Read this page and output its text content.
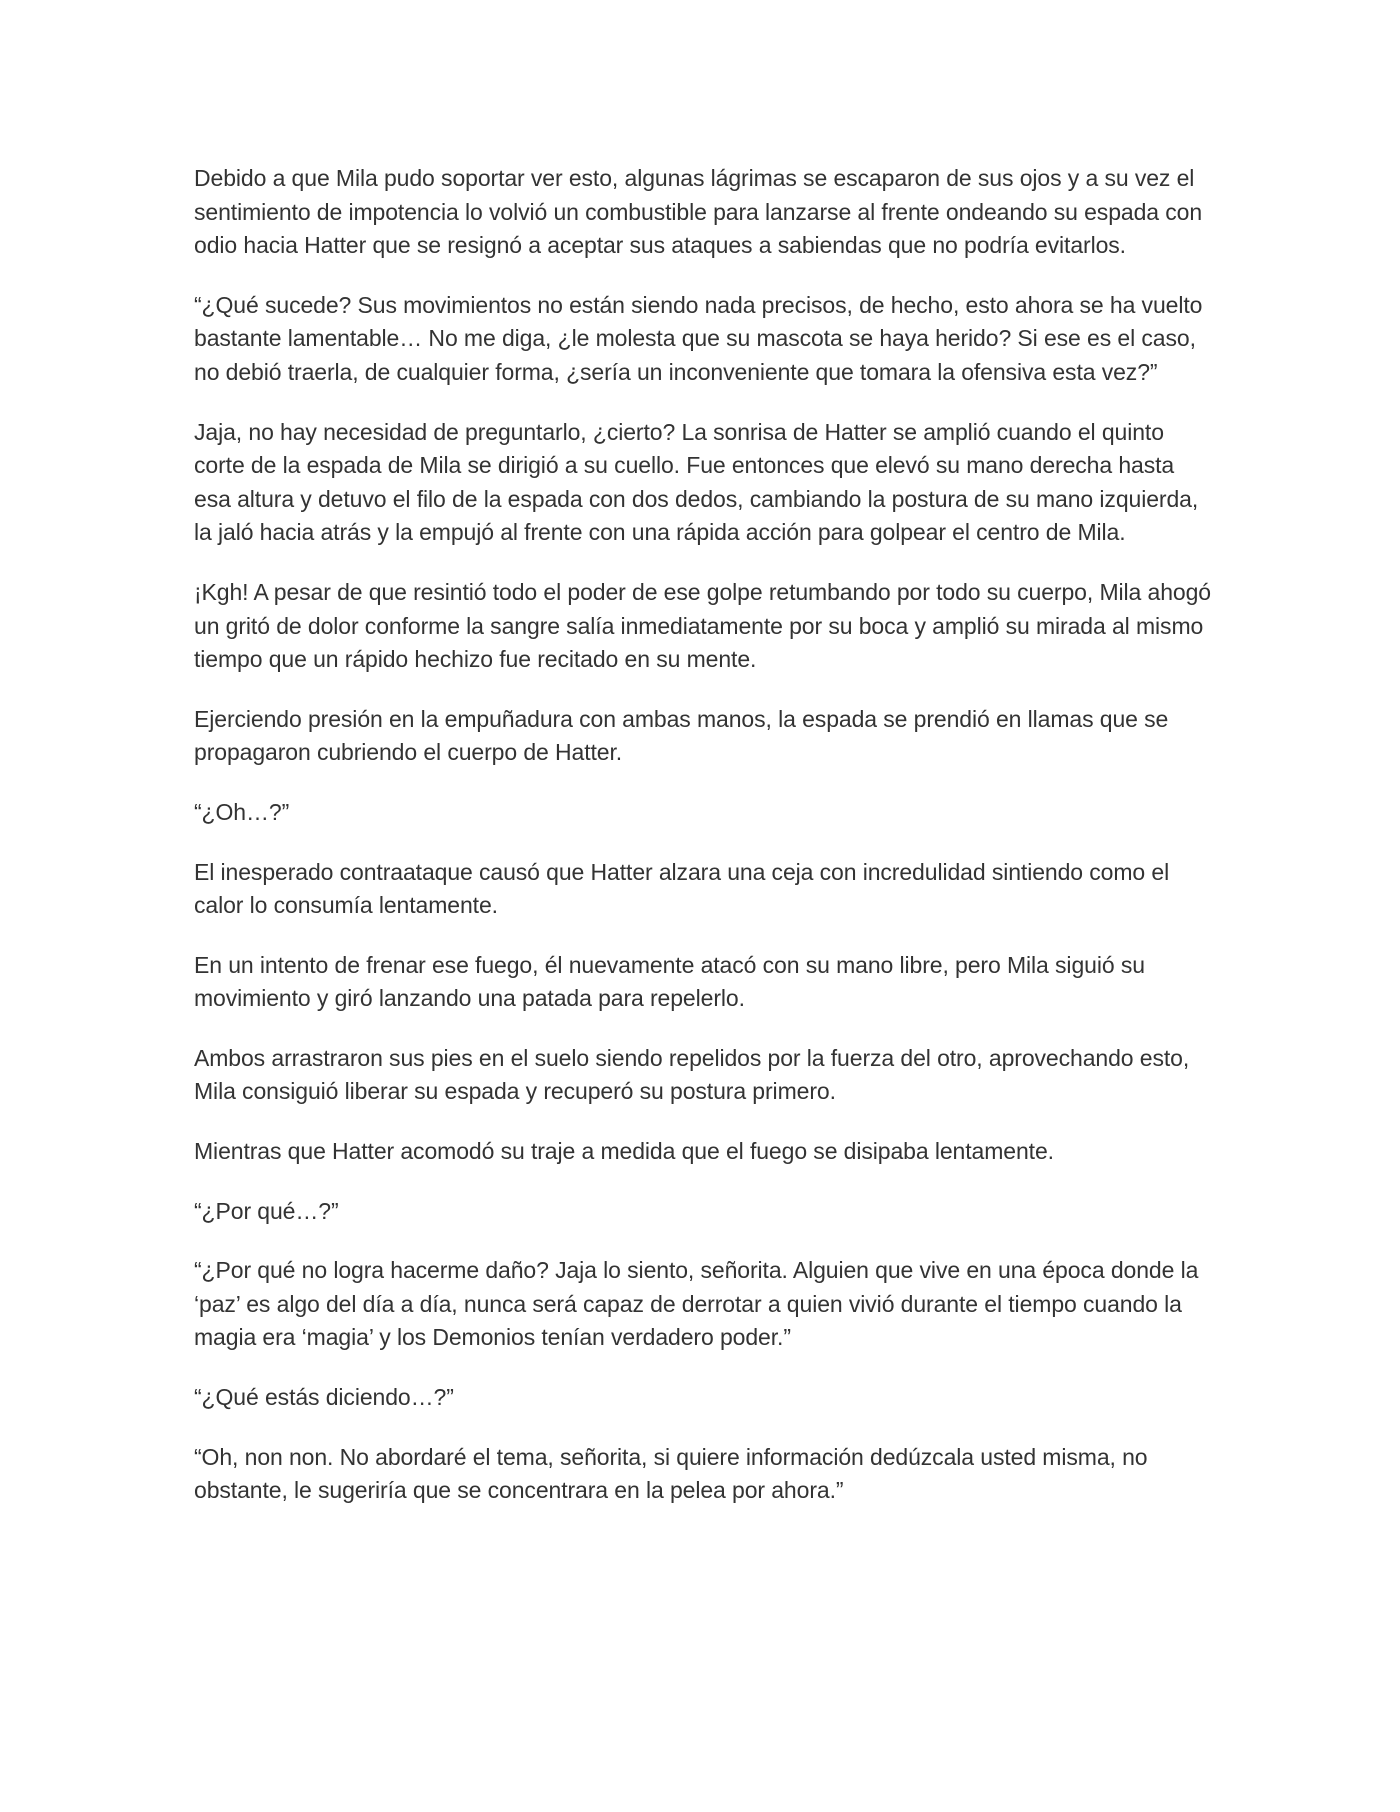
Debido a que Mila pudo soportar ver esto, algunas lágrimas se escaparon de sus ojos y a su vez el sentimiento de impotencia lo volvió un combustible para lanzarse al frente ondeando su espada con odio hacia Hatter que se resignó a aceptar sus ataques a sabiendas que no podría evitarlos.

“¿Qué sucede? Sus movimientos no están siendo nada precisos, de hecho, esto ahora se ha vuelto bastante lamentable… No me diga, ¿le molesta que su mascota se haya herido? Si ese es el caso, no debió traerla, de cualquier forma, ¿sería un inconveniente que tomara la ofensiva esta vez?”

Jaja, no hay necesidad de preguntarlo, ¿cierto? La sonrisa de Hatter se amplió cuando el quinto corte de la espada de Mila se dirigió a su cuello. Fue entonces que elevó su mano derecha hasta esa altura y detuvo el filo de la espada con dos dedos, cambiando la postura de su mano izquierda, la jaló hacia atrás y la empujó al frente con una rápida acción para golpear el centro de Mila.

¡Kgh! A pesar de que resintió todo el poder de ese golpe retumbando por todo su cuerpo, Mila ahogó un gritó de dolor conforme la sangre salía inmediatamente por su boca y amplió su mirada al mismo tiempo que un rápido hechizo fue recitado en su mente.

Ejerciendo presión en la empuñadura con ambas manos, la espada se prendió en llamas que se propagaron cubriendo el cuerpo de Hatter.

“¿Oh…?”

El inesperado contraataque causó que Hatter alzara una ceja con incredulidad sintiendo como el calor lo consumía lentamente.

En un intento de frenar ese fuego, él nuevamente atacó con su mano libre, pero Mila siguió su movimiento y giró lanzando una patada para repelerlo.

Ambos arrastraron sus pies en el suelo siendo repelidos por la fuerza del otro, aprovechando esto, Mila consiguió liberar su espada y recuperó su postura primero.

Mientras que Hatter acomodó su traje a medida que el fuego se disipaba lentamente.

“¿Por qué…?”

“¿Por qué no logra hacerme daño? Jaja lo siento, señorita. Alguien que vive en una época donde la ‘paz’ es algo del día a día, nunca será capaz de derrotar a quien vivió durante el tiempo cuando la magia era ‘magia’ y los Demonios tenían verdadero poder.”

“¿Qué estás diciendo…?”

“Oh, non non. No abordaré el tema, señorita, si quiere información dedúzcala usted misma, no obstante, le sugeriría que se concentrara en la pelea por ahora.”
